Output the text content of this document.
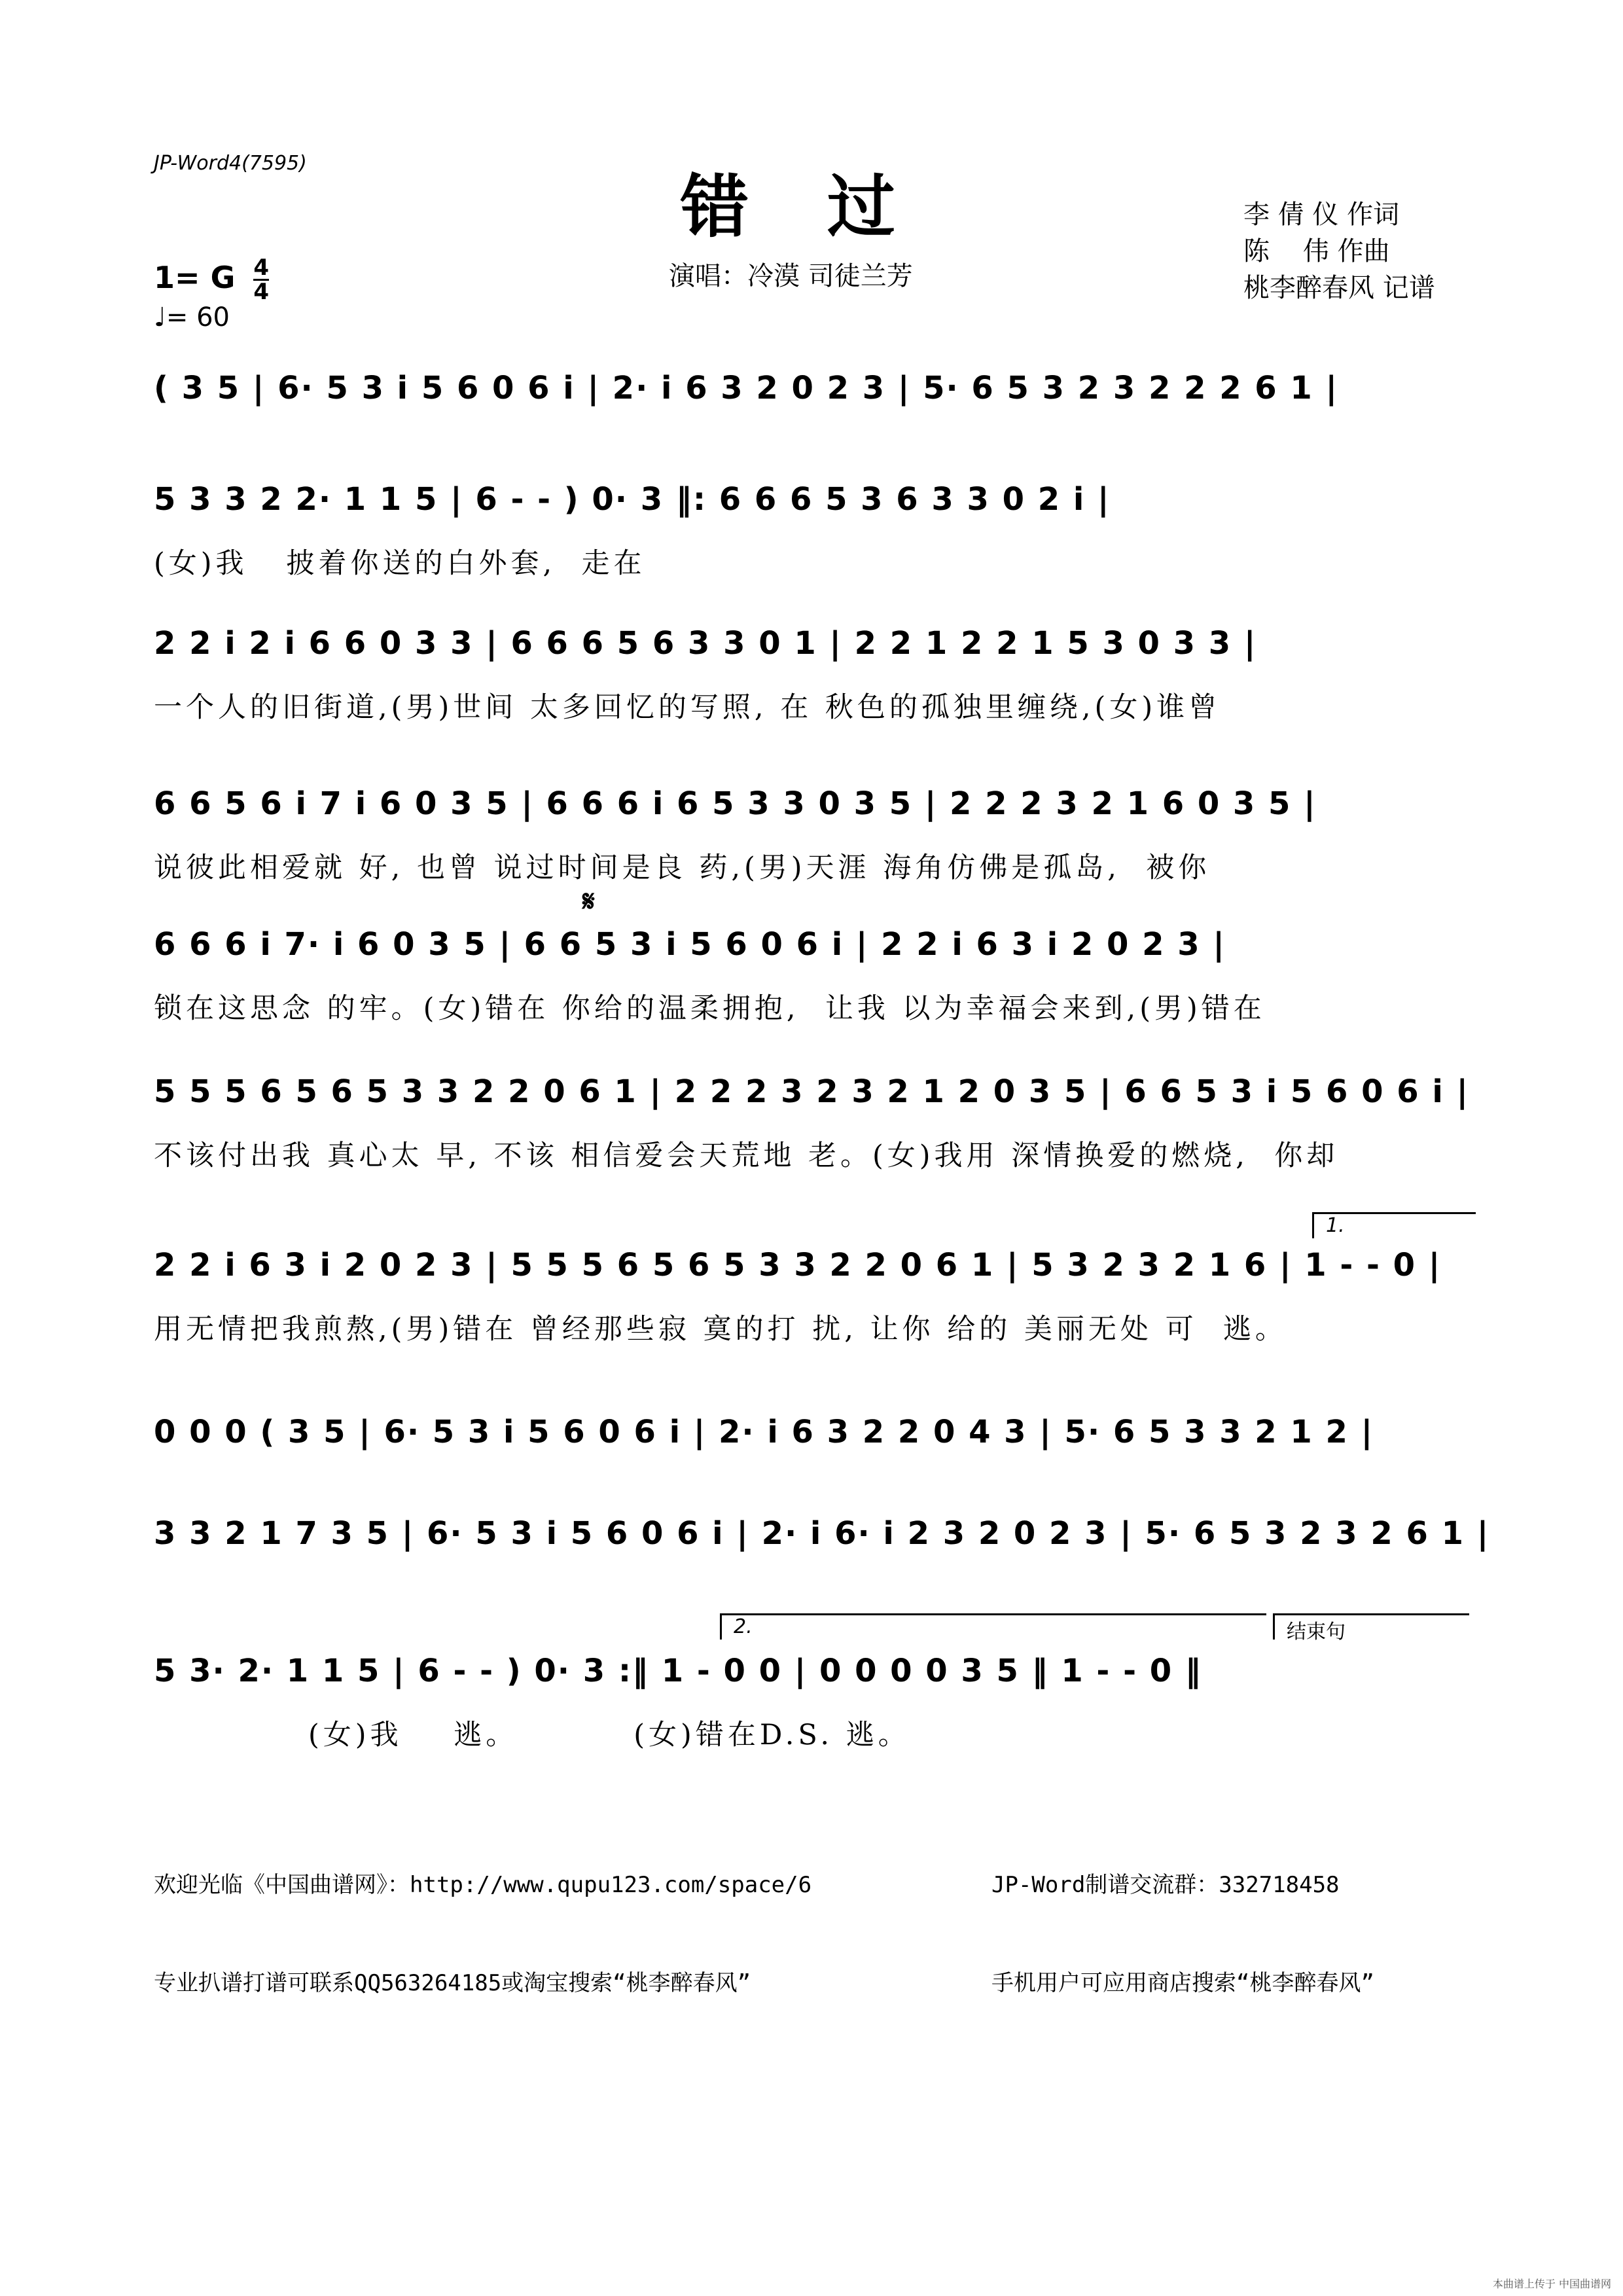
JP-Word4(7595)
错过
演唱：冷漠 司徒兰芳
李 倩 仪 作词
陈    伟 作曲
桃李醉春风 记谱
1= G $\frac{4}{4}$
♩= 60
( 3 5 | 6· 5 3 i 5 6 0 6 i | 2· i 6 3 2 0 2 3 | 5· 6 5 3 2 3 2 2 2 6 1 |
5 3 3 2 2· 1 1 5 | 6 - - ) 0· 3 ‖: 6 6 6 5 3 6 3 3 0 2 i |
(女)我   披着你送的白外套,  走在
2 2 i 2 i 6 6 0 3 3 | 6 6 6 5 6 3 3 0 1 | 2 2 1 2 2 1 5 3 0 3 3 |
一个人的旧街道,(男)世间 太多回忆的写照, 在 秋色的孤独里缠绕,(女)谁曾
6 6 5 6 i 7 i 6 0 3 5 | 6 6 6 i 6 5 3 3 0 3 5 | 2 2 2 3 2 1 6 0 3 5 |
说彼此相爱就 好, 也曾 说过时间是良 药,(男)天涯 海角仿佛是孤岛,  被你
𝄋
6 6 6 i 7· i 6 0 3 5 | 6 6 5 3 i 5 6 0 6 i | 2 2 i 6 3 i 2 0 2 3 |
锁在这思念 的牢。(女)错在 你给的温柔拥抱,  让我 以为幸福会来到,(男)错在
5 5 5 6 5 6 5 3 3 2 2 0 6 1 | 2 2 2 3 2 3 2 1 2 0 3 5 | 6 6 5 3 i 5 6 0 6 i |
不该付出我 真心太 早, 不该 相信爱会天荒地 老。(女)我用 深情换爱的燃烧,  你却
1.
2 2 i 6 3 i 2 0 2 3 | 5 5 5 6 5 6 5 3 3 2 2 0 6 1 | 5 3 2 3 2 1 6 | 1 - - 0 |
用无情把我煎熬,(男)错在 曾经那些寂 寞的打 扰, 让你 给的 美丽无处 可  逃。
0 0 0 ( 3 5 | 6· 5 3 i 5 6 0 6 i | 2· i 6 3 2 2 0 4 3 | 5· 6 5 3 3 2 1 2 |
3 3 2 1 7 3 5 | 6· 5 3 i 5 6 0 6 i | 2· i 6· i 2 3 2 0 2 3 | 5· 6 5 3 2 3 2 6 1 |
2.	结束句
5 3· 2· 1 1 5 | 6 - - ) 0· 3 :‖ 1 - 0 0 | 0 0 0 0 3 5 ‖ 1 - - 0 ‖
(女)我    逃。         (女)错在D.S. 逃。

欢迎光临《中国曲谱网》：http://www.qupu123.com/space/6

专业扒谱打谱可联系QQ563264185或淘宝搜索“桃李醉春风”

JP-Word制谱交流群：332718458

手机用户可应用商店搜索“桃李醉春风”

本曲谱上传于 中国曲谱网
